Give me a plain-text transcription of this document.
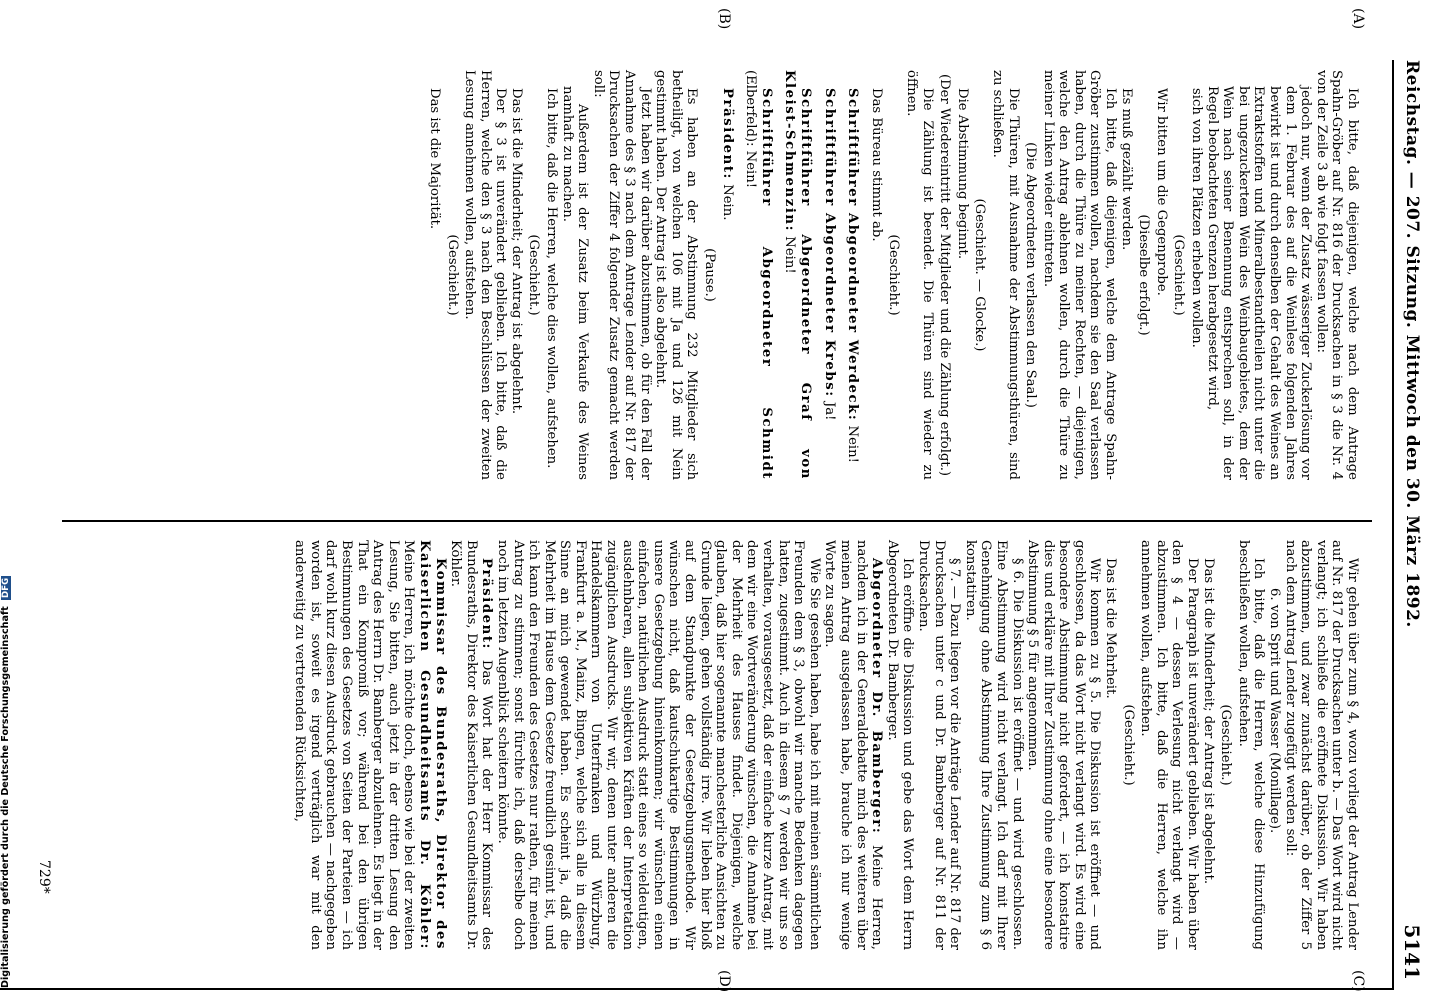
Reichstag. — 207. Sitzung. Mittwoch den 30. März 1892.
5141
(A)
(B)
(C)
(D)

Ich bitte, daß diejenigen, welche nach dem Antrage Spahn-Gröber auf Nr. 816 der Drucksachen in § 3 die Nr. 4 von der Zeile 3 ab wie folgt fassen wollen:

jedoch nur, wenn der Zusatz wässeriger Zuckerlösung vor dem 1. Februar des auf die Weinlese folgenden Jahres bewirkt ist und durch denselben der Gehalt des Weines an Extraktstoffen und Mineralbestandtheilen nicht unter die bei ungezuckertem Wein des Weinbaugebietes, dem der Wein nach seiner Benennung entsprechen soll, in der Regel beobachteten Grenzen herabgesetzt wird,

sich von ihren Plätzen erheben wollen.

(Geschieht.)

Wir bitten um die Gegenprobe.

(Dieselbe erfolgt.)

Es muß gezählt werden.

Ich bitte, daß diejenigen, welche dem Antrage Spahn-Gröber zustimmen wollen, nachdem sie den Saal verlassen haben, durch die Thüre zu meiner Rechten, — diejenigen, welche den Antrag ablehnen wollen, durch die Thüre zu meiner Linken wieder eintreten.

(Die Abgeordneten verlassen den Saal.)

Die Thüren, mit Ausnahme der Abstimmungsthüren, sind zu schließen.

(Geschieht. — Glocke.)

Die Abstimmung beginnt.

(Der Wiedereintritt der Mitglieder und die Zählung erfolgt.)

Die Zählung ist beendet. Die Thüren sind wieder zu öffnen.

(Geschieht.)

Das Büreau stimmt ab.

Schriftführer Abgeordneter Werdeck: Nein!

Schriftführer Abgeordneter Krebs: Ja!

Schriftführer Abgeordneter Graf von Kleist-Schmenzin: Nein!

Schriftführer Abgeordneter Schmidt (Elberfeld): Nein!

Präsident: Nein.

(Pause.)

Es haben an der Abstimmung 232 Mitglieder sich betheiligt, von welchen 106 mit Ja und 126 mit Nein gestimmt haben. Der Antrag ist also abgelehnt.

Jetzt haben wir darüber abzustimmen, ob für den Fall der Annahme des § 3 nach dem Antrage Lender auf Nr. 817 der Drucksachen der Ziffer 4 folgender Zusatz gemacht werden soll:

Außerdem ist der Zusatz beim Verkaufe des Weines namhaft zu machen.

Ich bitte, daß die Herren, welche dies wollen, aufstehen.

(Geschieht.)

Das ist die Minderheit; der Antrag ist abgelehnt.

Der § 3 ist unverändert geblieben. Ich bitte, daß die Herren, welche den § 3 nach den Beschlüssen der zweiten Lesung annehmen wollen, aufstehen.

(Geschieht.)

Das ist die Majorität.

Wir gehen über zum § 4, wozu vorliegt der Antrag Lender auf Nr. 817 der Drucksachen unter b. — Das Wort wird nicht verlangt; ich schließe die eröffnete Diskussion. Wir haben abzustimmen, und zwar zunächst darüber, ob der Ziffer 5 nach dem Antrag Lender zugefügt werden soll:

6. von Sprit und Wasser (Monillage).

Ich bitte, daß die Herren, welche diese Hinzufügung beschließen wollen, aufstehen.

(Geschieht.)

Das ist die Minderheit; der Antrag ist abgelehnt.

Der Paragraph ist unverändert geblieben. Wir haben über den § 4 — dessen Verlesung nicht verlangt wird — abzustimmen. Ich bitte, daß die Herren, welche ihn annehmen wollen, aufstehen.

(Geschieht.)

Das ist die Mehrheit.

Wir kommen zu § 5. Die Diskussion ist eröffnet — und geschlossen, da das Wort nicht verlangt wird. Es wird eine besondere Abstimmung nicht gefordert, — ich konstatire dies und erkläre mit Ihrer Zustimmung ohne eine besondere Abstimmung § 5 für angenommen.

§ 6. Die Diskussion ist eröffnet — und wird geschlossen. Eine Abstimmung wird nicht verlangt. Ich darf mit Ihrer Genehmigung ohne Abstimmung Ihre Zustimmung zum § 6 konstatiren.

§ 7. — Dazu liegen vor die Anträge Lender auf Nr. 817 der Drucksachen unter c und Dr. Bamberger auf Nr. 811 der Drucksachen.

Ich eröffne die Diskussion und gebe das Wort dem Herrn Abgeordneten Dr. Bamberger.

Abgeordneter Dr. Bamberger: Meine Herren, nachdem ich in der Generaldebatte mich des weiteren über meinen Antrag ausgelassen habe, brauche ich nur wenige Worte zu sagen.

Wie Sie gesehen haben, habe ich mit meinen sämmtlichen Freunden dem § 3, obwohl wir manche Bedenken dagegen hatten, zugestimmt. Auch in diesem § 7 werden wir uns so verhalten, vorausgesetzt, daß der einfache kurze Antrag, mit dem wir eine Wortveränderung wünschen, die Annahme bei der Mehrheit des Hauses findet. Diejenigen, welche glauben, daß hier sogenannte manchesterliche Ansichten zu Grunde liegen, gehen vollständig irre. Wir lieben hier bloß auf dem Standpunkte der Gesetzgebungsmethode. Wir wünschen nicht, daß kautschukartige Bestimmungen in unsere Gesetzgebung hineinkommen; wir wünschen einen einfachen, natürlichen Ausdruck statt eines so vieldeutigen, ausdehnbaren, allen subjektiven Kräften der Interpretation zugänglichen Ausdrucks. Wir wir, denen unter anderen die Handelskammern von Unterfranken und Würzburg, Frankfurt a. M., Mainz, Bingen, welche sich alle in diesem Sinne an mich gewendet haben. Es scheint ja, daß die Mehrheit im Hause dem Gesetze freundlich gesinnt ist, und ich kann den Freunden des Gesetzes nur rathen, für meinen Antrag zu stimmen; sonst fürchte ich, daß derselbe doch noch im letzten Augenblick scheitern könnte.

Präsident: Das Wort hat der Herr Kommissar des Bundesraths, Direktor des Kaiserlichen Gesundheitsamts Dr. Köhler.

Kommissar des Bundesraths, Direktor des Kaiserlichen Gesundheitsamts Dr. Köhler: Meine Herren, ich möchte doch, ebenso wie bei der zweiten Lesung, Sie bitten, auch jetzt in der dritten Lesung den Antrag des Herrn Dr. Bamberger abzulehnen. Es liegt in der That ein Kompromiß vor; während bei den übrigen Bestimmungen des Gesetzes von Seiten der Parteien — ich darf wohl kurz diesen Ausdruck gebrauchen — nachgegeben worden ist, soweit es irgend verträglich war mit den anderweitig zu vertretenden Rücksichten,

729*
Digitalisierung gefördert durch die Deutsche Forschungsgemeinschaft DFG
